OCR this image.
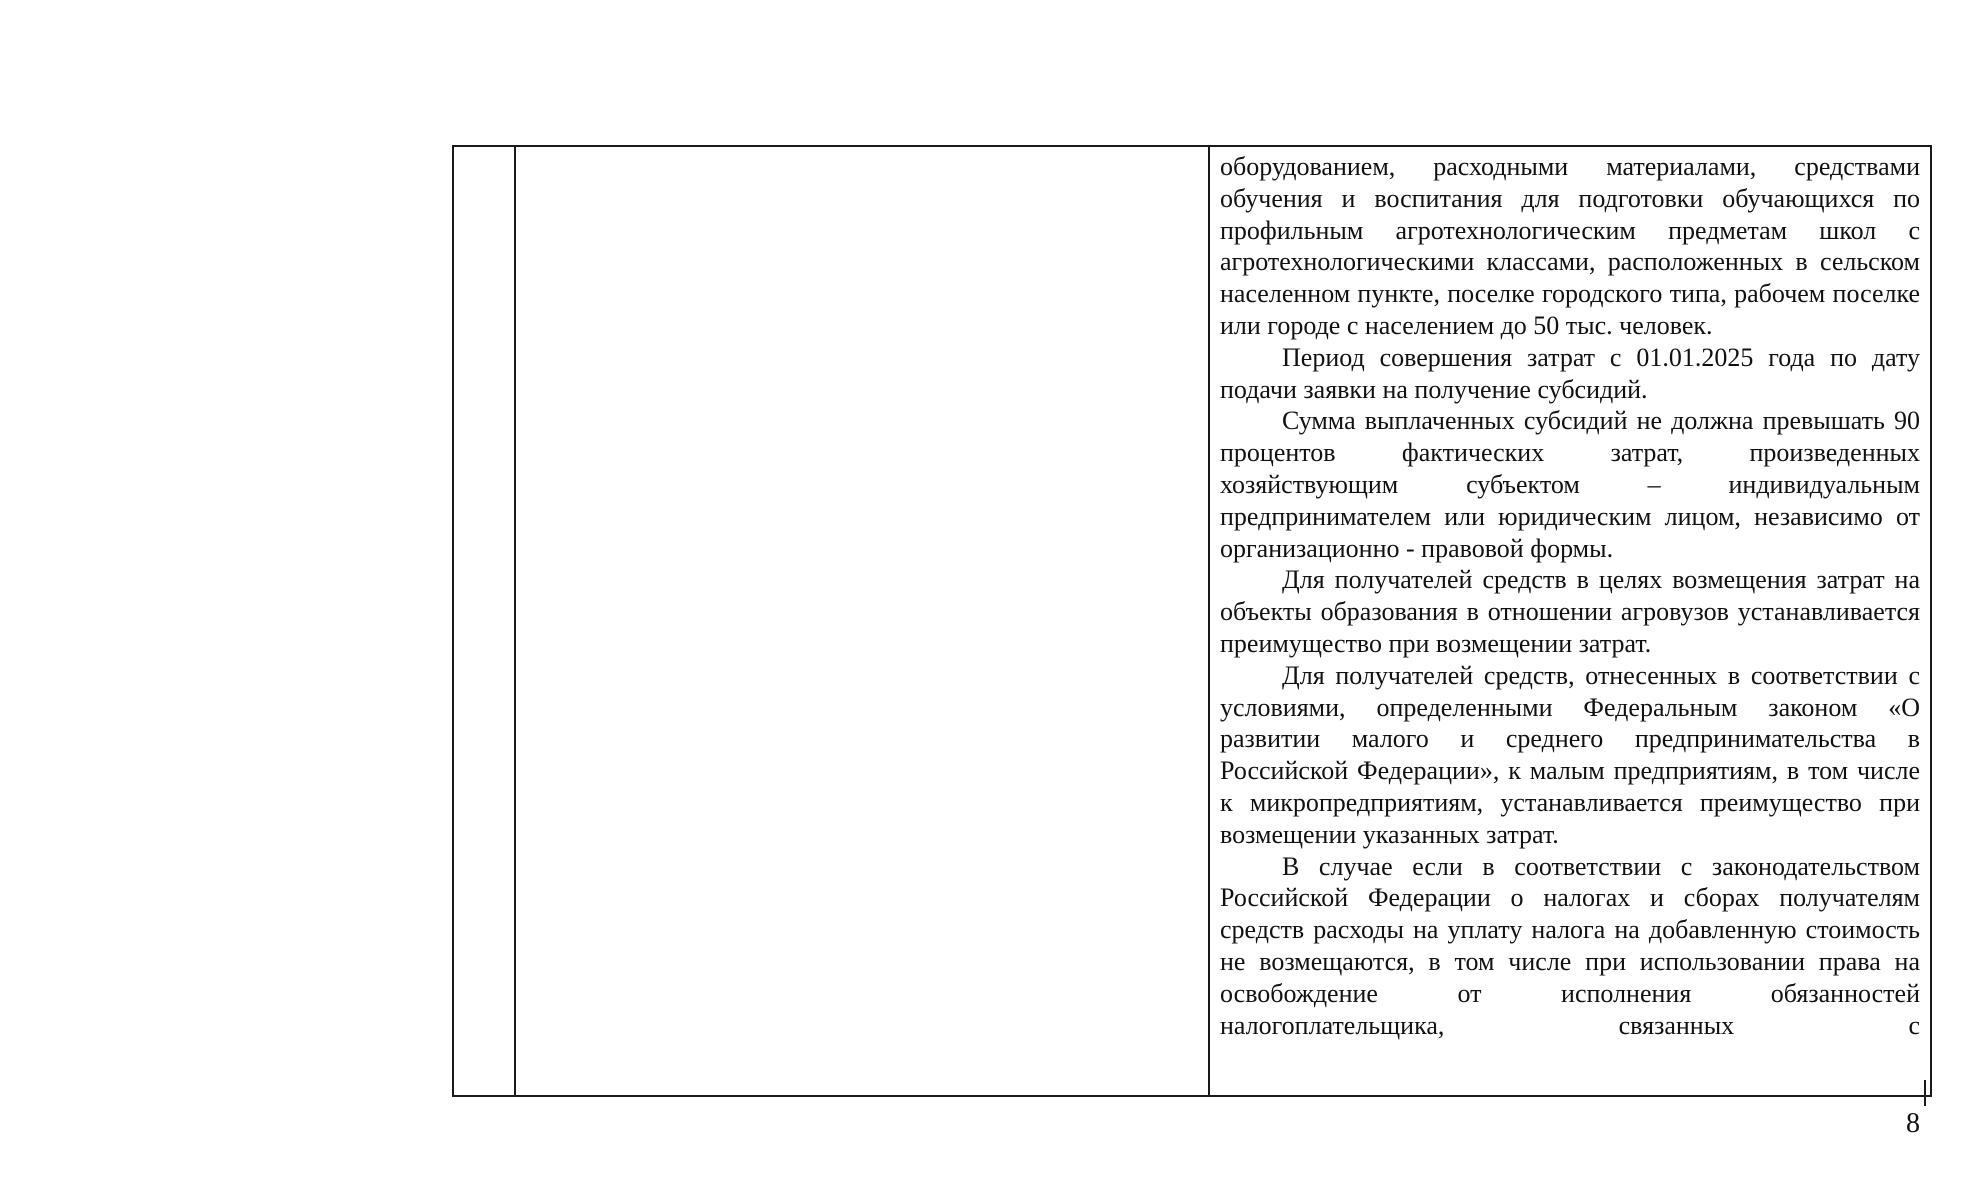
оборудованием, расходными материалами, средствами обучения и воспитания для подготовки обучающихся по профильным агротехнологическим предметам школ с агротехнологическими классами, расположенных в сельском населенном пункте, поселке городского типа, рабочем поселке или городе с населением до 50 тыс. человек.

Период совершения затрат с 01.01.2025 года по дату подачи заявки на получение субсидий.

Сумма выплаченных субсидий не должна превышать 90 процентов фактических затрат, произведенных хозяйствующим субъектом – индивидуальным предпринимателем или юридическим лицом, независимо от организационно - правовой формы.

Для получателей средств в целях возмещения затрат на объекты образования в отношении агровузов устанавливается преимущество при возмещении затрат.

Для получателей средств, отнесенных в соответствии с условиями, определенными Федеральным законом «О развитии малого и среднего предпринимательства в Российской Федерации», к малым предприятиям, в том числе к микропредприятиям, устанавливается преимущество при возмещении указанных затрат.

В случае если в соответствии с законодательством Российской Федерации о налогах и сборах получателям средств расходы на уплату налога на добавленную стоимость не возмещаются, в том числе при использовании права на освобождение от исполнения обязанностей налогоплательщика, связанных с

8
